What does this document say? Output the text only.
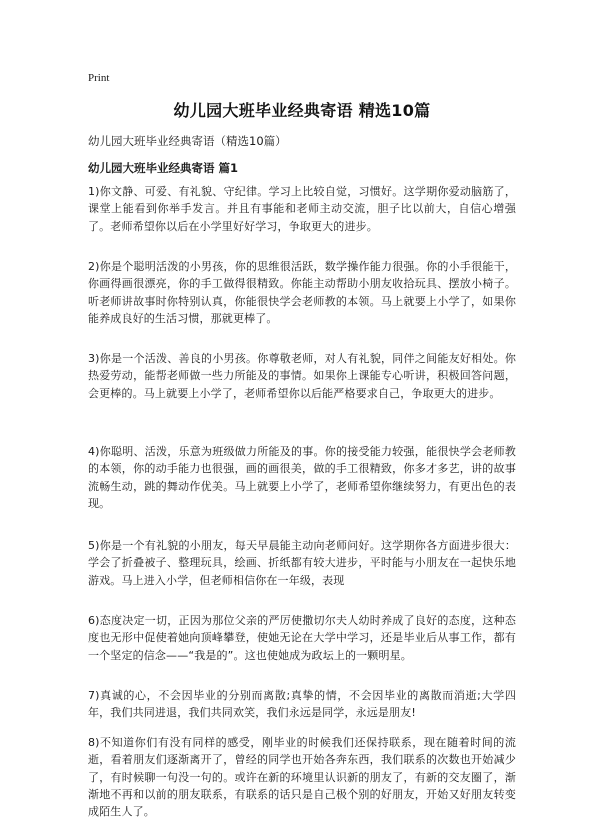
Print
幼儿园大班毕业经典寄语 精选10篇
幼儿园大班毕业经典寄语（精选10篇）
幼儿园大班毕业经典寄语 篇1

1)你文静、可爱、有礼貌、守纪律。学习上比较自觉，习惯好。这学期你爱动脑筋了，课堂上能看到你举手发言。并且有事能和老师主动交流，胆子比以前大，自信心增强了。老师希望你以后在小学里好好学习，争取更大的进步。

2)你是个聪明活泼的小男孩，你的思维很活跃，数学操作能力很强。你的小手很能干，你画得画很漂亮，你的手工做得很精致。你能主动帮助小朋友收拾玩具、摆放小椅子。听老师讲故事时你特别认真，你能很快学会老师教的本领。马上就要上小学了，如果你能养成良好的生活习惯，那就更棒了。

3)你是一个活泼、善良的小男孩。你尊敬老师，对人有礼貌，同伴之间能友好相处。你热爱劳动，能帮老师做一些力所能及的事情。如果你上课能专心听讲，积极回答问题，会更棒的。马上就要上小学了，老师希望你以后能严格要求自己，争取更大的进步。

4)你聪明、活泼，乐意为班级做力所能及的事。你的接受能力较强，能很快学会老师教的本领，你的动手能力也很强，画的画很美，做的手工很精致，你多才多艺，讲的故事流畅生动，跳的舞动作优美。马上就要上小学了，老师希望你继续努力，有更出色的表现。

5)你是一个有礼貌的小朋友，每天早晨能主动向老师问好。这学期你各方面进步很大：学会了折叠被子、整理玩具，绘画、折纸都有较大进步，平时能与小朋友在一起快乐地游戏。马上进入小学，但老师相信你在一年级，表现

6)态度决定一切，正因为那位父亲的严厉使撒切尔夫人幼时养成了良好的态度，这种态度也无形中促使着她向顶峰攀登，使她无论在大学中学习，还是毕业后从事工作，都有一个坚定的信念——“我是的”。这也使她成为政坛上的一颗明星。

7)真诚的心，不会因毕业的分别而离散;真挚的情，不会因毕业的离散而消逝;大学四年，我们共同进退，我们共同欢笑，我们永远是同学，永远是朋友!

8)不知道你们有没有同样的感受，刚毕业的时候我们还保持联系，现在随着时间的流逝，看着朋友们逐渐离开了，曾经的同学也开始各奔东西，我们联系的次数也开始减少了，有时候聊一句没一句的。或许在新的环境里认识新的朋友了，有新的交友圈了，渐渐地不再和以前的朋友联系，有联系的话只是自己极个别的好朋友，开始又好朋友转变成陌生人了。
